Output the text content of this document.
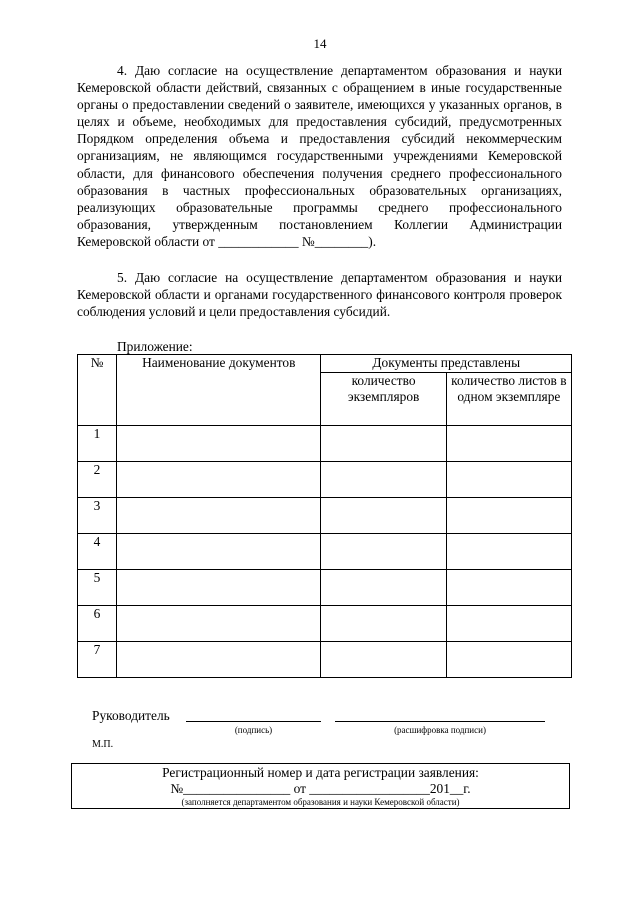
14

4. Даю согласие на осуществление департаментом образования и науки Кемеровской области действий, связанных с обращением в иные государственные органы о предоставлении сведений о заявителе, имеющихся у указанных органов, в целях и объеме, необходимых для предоставления субсидий, предусмотренных Порядком определения объема и предоставления субсидий некоммерческим организациям, не являющимся государственными учреждениями Кемеровской области, для финансового обеспечения получения среднего профессионального образования в частных профессиональных образовательных организациях, реализующих образовательные программы среднего профессионального образования, утвержденным постановлением Коллегии Администрации Кемеровской области от ____________ №________).

5. Даю согласие на осуществление департаментом образования и науки Кемеровской области и органами государственного финансового контроля проверок соблюдения условий и цели предоставления субсидий.

Приложение:
№	Наименование документов	Документы представлены	
		количество экземпляров	количество листов в одном экземпляре
1			
2			
3			
4			
5			
6			
7			
Руководитель
(подпись)	(расшифровка подписи)
М.П.
Регистрационный номер и дата регистрации заявления:
№________________ от __________________201__г.
(заполняется департаментом образования и науки Кемеровской области)
